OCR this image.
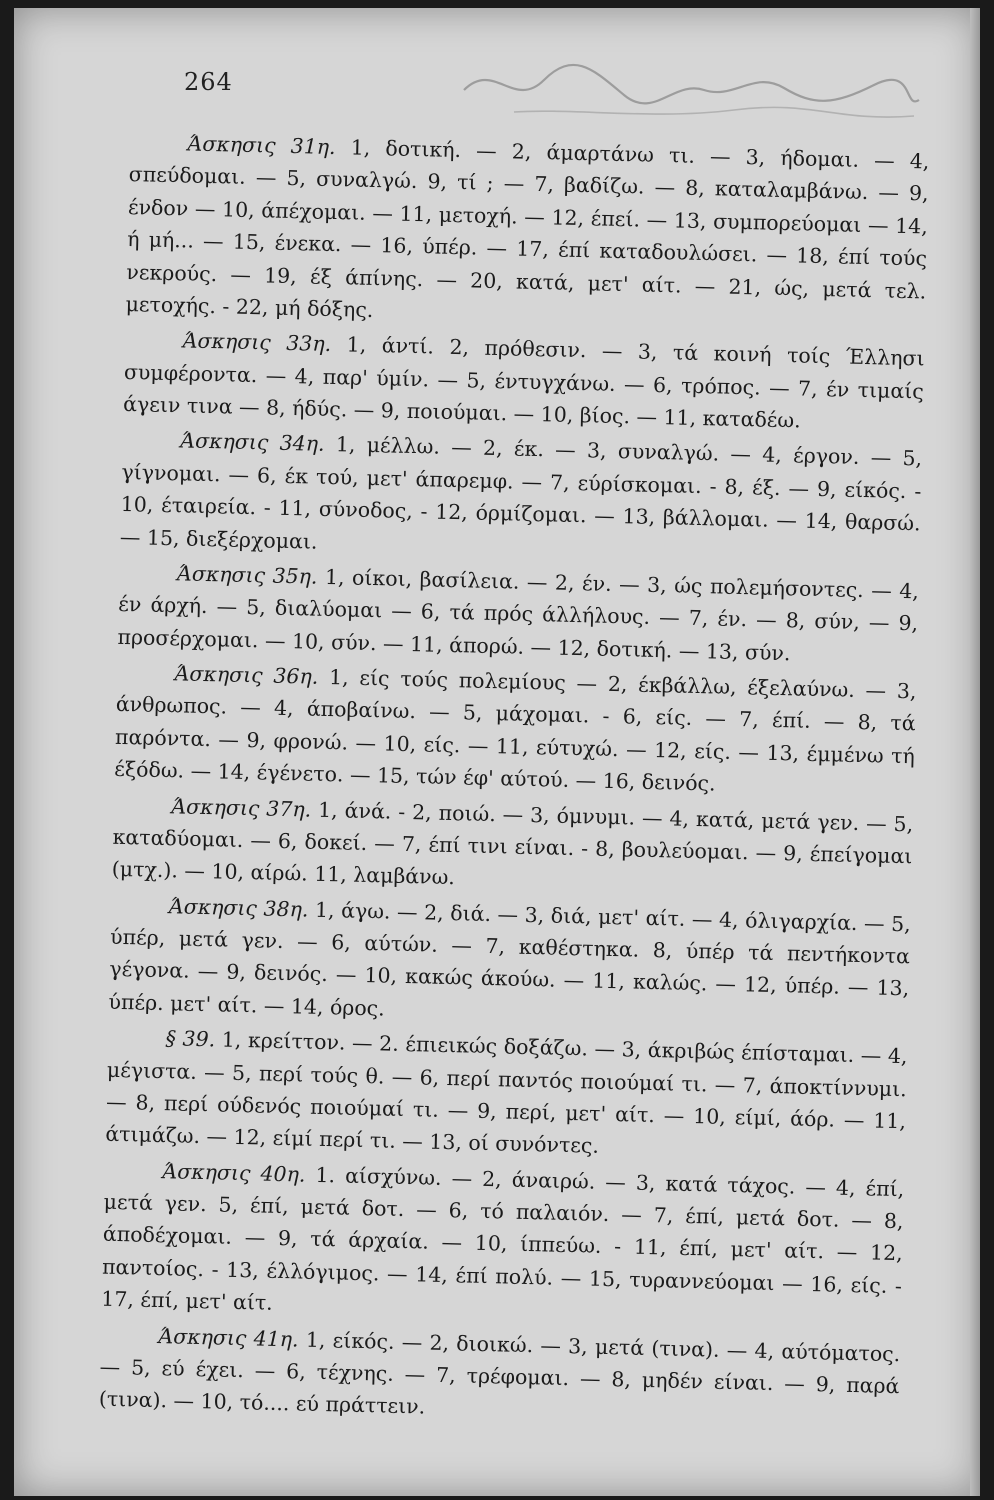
264

Άσκησις 31η. 1, δοτική. — 2, άμαρτάνω τι. — 3, ήδομαι. — 4, σπεύδομαι. — 5, συναλγώ. 9, τί ; — 7, βαδίζω. — 8, καταλαμβάνω. — 9, ένδον — 10, άπέχομαι. — 11, μετοχή. — 12, έπεί. — 13, συμπορεύομαι — 14, ή μή... — 15, ένεκα. — 16, ύπέρ. — 17, έπί καταδουλώσει. — 18, έπί τούς νεκρούς. — 19, έξ άπίνης. — 20, κατά, μετ' αίτ. — 21, ώς, μετά τελ. μετοχής. - 22, μή δόξης.

Άσκησις 33η. 1, άντί. 2, πρόθεσιν. — 3, τά κοινή τοίς Έλλησι συμφέροντα. — 4, παρ' ύμίν. — 5, έντυγχάνω. — 6, τρόπος. — 7, έν τιμαίς άγειν τινα — 8, ήδύς. — 9, ποιούμαι. — 10, βίος. — 11, καταδέω.

Άσκησις 34η. 1, μέλλω. — 2, έκ. — 3, συναλγώ. — 4, έργον. — 5, γίγνομαι. — 6, έκ τού, μετ' άπαρεμφ. — 7, εύρίσκομαι. - 8, έξ. — 9, είκός. - 10, έταιρεία. - 11, σύνοδος, - 12, όρμίζομαι. — 13, βάλλομαι. — 14, θαρσώ. — 15, διεξέρχομαι.

Άσκησις 35η. 1, οίκοι, βασίλεια. — 2, έν. — 3, ώς πολεμήσοντες. — 4, έν άρχή. — 5, διαλύομαι — 6, τά πρός άλλήλους. — 7, έν. — 8, σύν, — 9, προσέρχομαι. — 10, σύν. — 11, άπορώ. — 12, δοτική. — 13, σύν.

Άσκησις 36η. 1, είς τούς πολεμίους — 2, έκβάλλω, έξελαύνω. — 3, άνθρωπος. — 4, άποβαίνω. — 5, μάχομαι. - 6, είς. — 7, έπί. — 8, τά παρόντα. — 9, φρονώ. — 10, είς. — 11, εύτυχώ. — 12, είς. — 13, έμμένω τή έξόδω. — 14, έγένετο. — 15, τών έφ' αύτού. — 16, δεινός.

Άσκησις 37η. 1, άνά. - 2, ποιώ. — 3, όμνυμι. — 4, κατά, μετά γεν. — 5, καταδύομαι. — 6, δοκεί. — 7, έπί τινι είναι. - 8, βουλεύομαι. — 9, έπείγομαι (μτχ.). — 10, αίρώ. 11, λαμβάνω.

Άσκησις 38η. 1, άγω. — 2, διά. — 3, διά, μετ' αίτ. — 4, όλιγαρχία. — 5, ύπέρ, μετά γεν. — 6, αύτών. — 7, καθέστηκα. 8, ύπέρ τά πεντήκοντα γέγονα. — 9, δεινός. — 10, κακώς άκούω. — 11, καλώς. — 12, ύπέρ. — 13, ύπέρ. μετ' αίτ. — 14, όρος.

§ 39. 1, κρείττον. — 2. έπιεικώς δοξάζω. — 3, άκριβώς έπίσταμαι. — 4, μέγιστα. — 5, περί τούς θ. — 6, περί παντός ποιούμαί τι. — 7, άποκτίννυμι. — 8, περί ούδενός ποιούμαί τι. — 9, περί, μετ' αίτ. — 10, είμί, άόρ. — 11, άτιμάζω. — 12, είμί περί τι. — 13, οί συνόντες.

Άσκησις 40η. 1. αίσχύνω. — 2, άναιρώ. — 3, κατά τάχος. — 4, έπί, μετά γεν. 5, έπί, μετά δοτ. — 6, τό παλαιόν. — 7, έπί, μετά δοτ. — 8, άποδέχομαι. — 9, τά άρχαία. — 10, ίππεύω. - 11, έπί, μετ' αίτ. — 12, παντοίος. - 13, έλλόγιμος. — 14, έπί πολύ. — 15, τυραννεύομαι — 16, είς. - 17, έπί, μετ' αίτ.

Άσκησις 41η. 1, είκός. — 2, διοικώ. — 3, μετά (τινα). — 4, αύτόματος. — 5, εύ έχει. — 6, τέχνης. — 7, τρέφομαι. — 8, μηδέν είναι. — 9, παρά (τινα). — 10, τό.... εύ πράττειν.
